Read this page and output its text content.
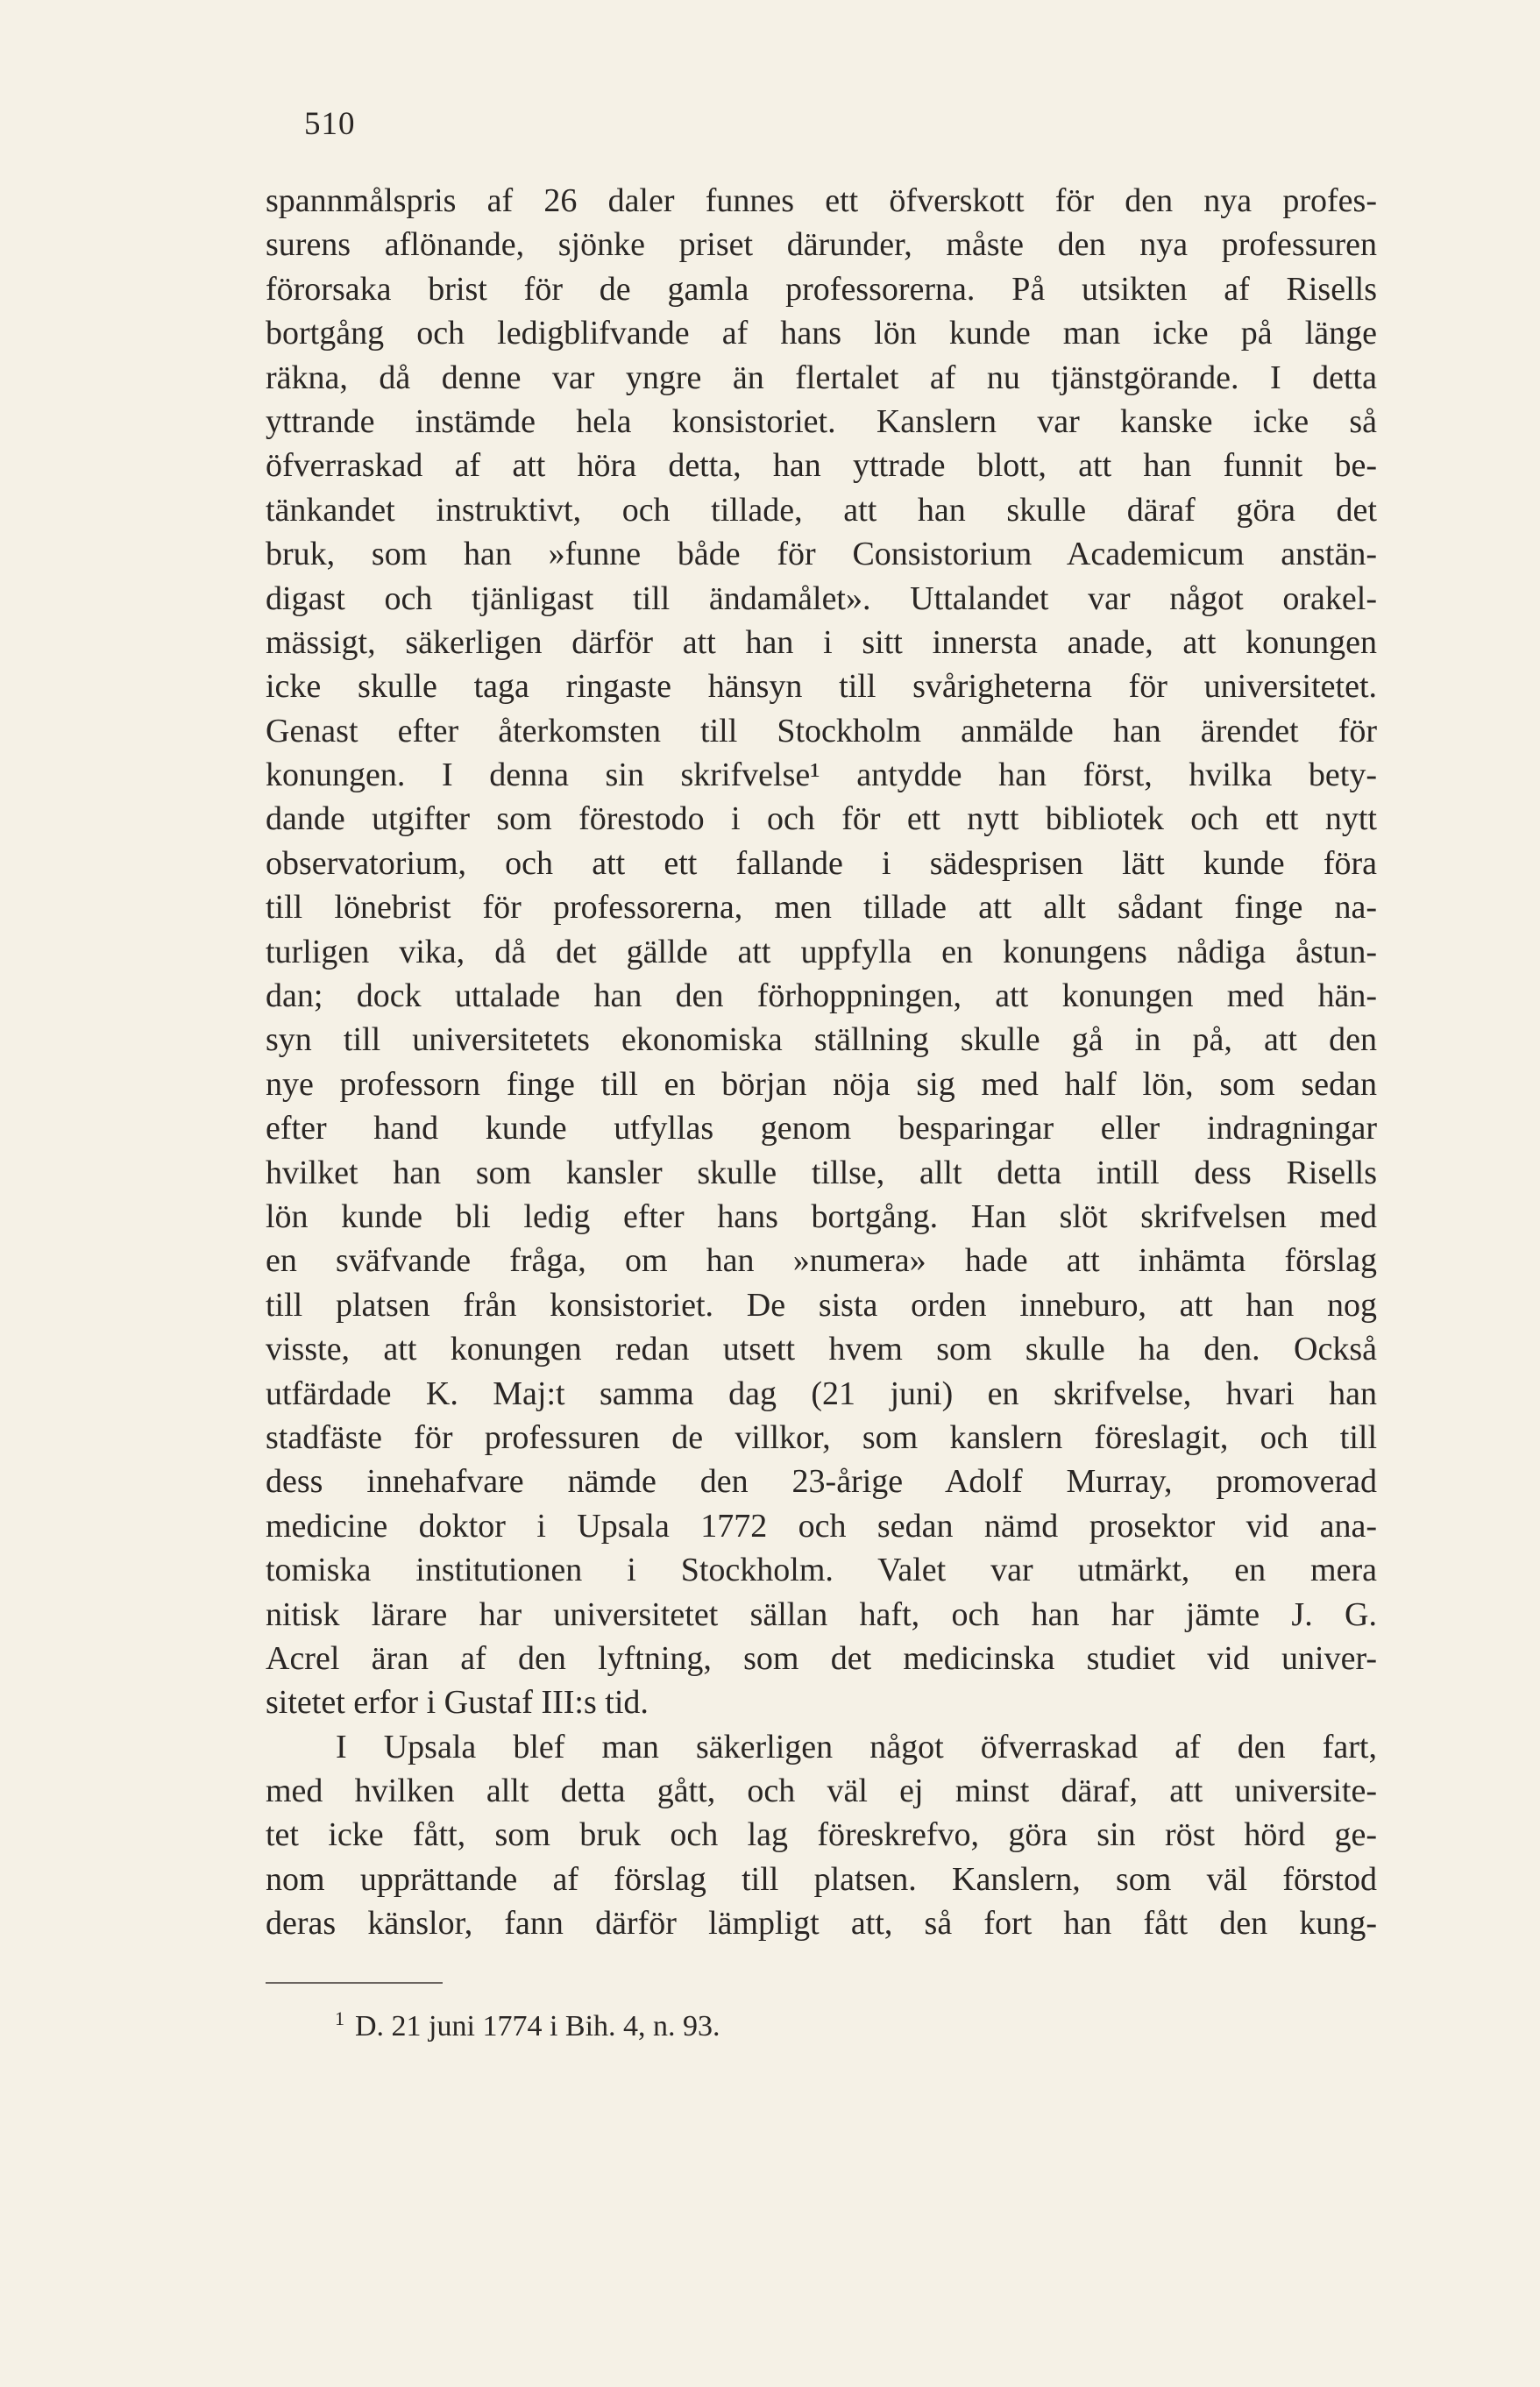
510
spannmålspris af 26 daler funnes ett öfverskott för den nya profes-
surens aflönande, sjönke priset därunder, måste den nya professuren
förorsaka brist för de gamla professorerna. På utsikten af Risells
bortgång och ledigblifvande af hans lön kunde man icke på länge
räkna, då denne var yngre än flertalet af nu tjänstgörande. I detta
yttrande instämde hela konsistoriet. Kanslern var kanske icke så
öfverraskad af att höra detta, han yttrade blott, att han funnit be-
tänkandet instruktivt, och tillade, att han skulle däraf göra det
bruk, som han »funne både för Consistorium Academicum anstän-
digast och tjänligast till ändamålet». Uttalandet var något orakel-
mässigt, säkerligen därför att han i sitt innersta anade, att konungen
icke skulle taga ringaste hänsyn till svårigheterna för universitetet.
Genast efter återkomsten till Stockholm anmälde han ärendet för
konungen. I denna sin skrifvelse¹ antydde han först, hvilka bety-
dande utgifter som förestodo i och för ett nytt bibliotek och ett nytt
observatorium, och att ett fallande i sädesprisen lätt kunde föra
till lönebrist för professorerna, men tillade att allt sådant finge na-
turligen vika, då det gällde att uppfylla en konungens nådiga åstun-
dan; dock uttalade han den förhoppningen, att konungen med hän-
syn till universitetets ekonomiska ställning skulle gå in på, att den
nye professorn finge till en början nöja sig med half lön, som sedan
efter hand kunde utfyllas genom besparingar eller indragningar
hvilket han som kansler skulle tillse, allt detta intill dess Risells
lön kunde bli ledig efter hans bortgång. Han slöt skrifvelsen med
en sväfvande fråga, om han »numera» hade att inhämta förslag
till platsen från konsistoriet. De sista orden inneburo, att han nog
visste, att konungen redan utsett hvem som skulle ha den. Också
utfärdade K. Maj:t samma dag (21 juni) en skrifvelse, hvari han
stadfäste för professuren de villkor, som kanslern föreslagit, och till
dess innehafvare nämde den 23-årige Adolf Murray, promoverad
medicine doktor i Upsala 1772 och sedan nämd prosektor vid ana-
tomiska institutionen i Stockholm. Valet var utmärkt, en mera
nitisk lärare har universitetet sällan haft, och han har jämte J. G.
Acrel äran af den lyftning, som det medicinska studiet vid univer-
sitetet erfor i Gustaf III:s tid.
I Upsala blef man säkerligen något öfverraskad af den fart,
med hvilken allt detta gått, och väl ej minst däraf, att universite-
tet icke fått, som bruk och lag föreskrefvo, göra sin röst hörd ge-
nom upprättande af förslag till platsen. Kanslern, som väl förstod
deras känslor, fann därför lämpligt att, så fort han fått den kung-
$^1$ D. 21 juni 1774 i Bih. 4, n. 93.
